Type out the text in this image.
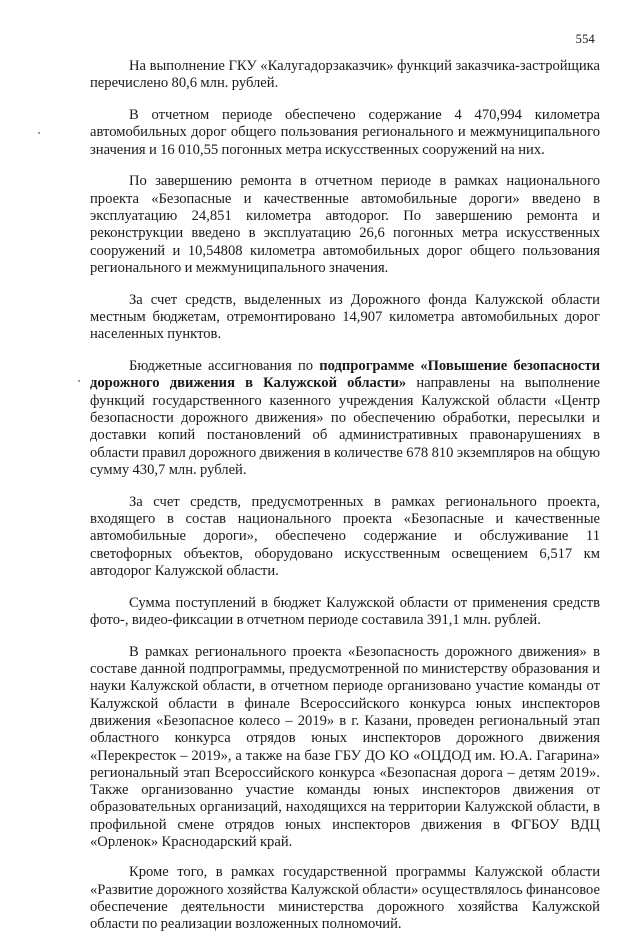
554

На выполнение ГКУ «Калугадорзаказчик» функций заказчика-застройщика перечислено 80,6 млн. рублей.

В отчетном периоде обеспечено содержание 4 470,994 километра автомобильных дорог общего пользования регионального и межмуниципального значения и 16 010,55 погонных метра искусственных сооружений на них.

По завершению ремонта в отчетном периоде в рамках национального проекта «Безопасные и качественные автомобильные дороги» введено в эксплуатацию 24,851 километра автодорог. По завершению ремонта и реконструкции введено в эксплуатацию 26,6 погонных метра искусственных сооружений и 10,54808 километра автомобильных дорог общего пользования регионального и межмуниципального значения.

За счет средств, выделенных из Дорожного фонда Калужской области местным бюджетам, отремонтировано 14,907 километра автомобильных дорог населенных пунктов.

Бюджетные ассигнования по подпрограмме «Повышение безопасности дорожного движения в Калужской области» направлены на выполнение функций государственного казенного учреждения Калужской области «Центр безопасности дорожного движения» по обеспечению обработки, пересылки и доставки копий постановлений об административных правонарушениях в области правил дорожного движения в количестве 678 810 экземпляров на общую сумму 430,7 млн. рублей.

За счет средств, предусмотренных в рамках регионального проекта, входящего в состав национального проекта «Безопасные и качественные автомобильные дороги», обеспечено содержание и обслуживание 11 светофорных объектов, оборудовано искусственным освещением 6,517 км автодорог Калужской области.

Сумма поступлений в бюджет Калужской области от применения средств фото-, видео-фиксации в отчетном периоде составила 391,1 млн. рублей.

В рамках регионального проекта «Безопасность дорожного движения» в составе данной подпрограммы, предусмотренной по министерству образования и науки Калужской области, в отчетном периоде организовано участие команды от Калужской области в финале Всероссийского конкурса юных инспекторов движения «Безопасное колесо – 2019» в г. Казани, проведен региональный этап областного конкурса отрядов юных инспекторов дорожного движения «Перекресток – 2019», а также на базе ГБУ ДО КО «ОЦДОД им. Ю.А. Гагарина» региональный этап Всероссийского конкурса «Безопасная дорога – детям 2019». Также организованно участие команды юных инспекторов движения от образовательных организаций, находящихся на территории Калужской области, в профильной смене отрядов юных инспекторов движения в ФГБОУ ВДЦ «Орленок» Краснодарский край.

Кроме того, в рамках государственной программы Калужской области «Развитие дорожного хозяйства Калужской области» осуществлялось финансовое обеспечение деятельности министерства дорожного хозяйства Калужской области по реализации возложенных полномочий.
